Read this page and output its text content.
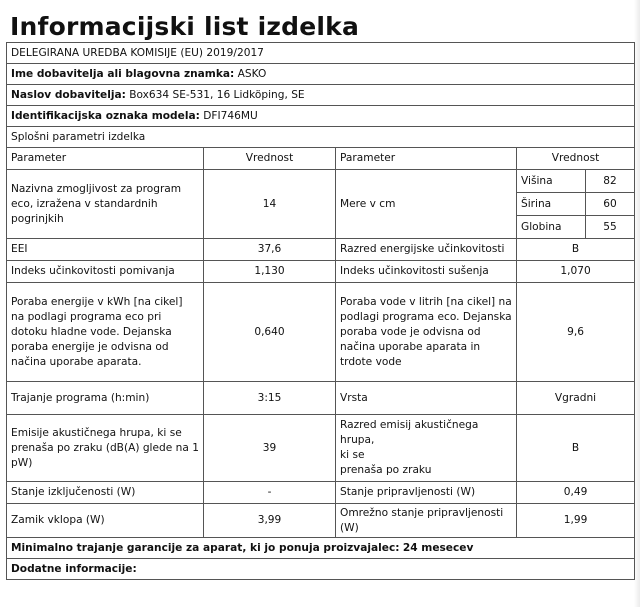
Informacijski list izdelka
DELEGIRANA UREDBA KOMISIJE (EU) 2019/2017				
Ime dobavitelja ali blagovna znamka: ASKO				
Naslov dobavitelja: Box634 SE-531, 16 Lidköping, SE				
Identifikacijska oznaka modela: DFI746MU				
Splošni parametri izdelka				
Parameter	Vrednost	Parameter	Vrednost	
Nazivna zmogljivost za program eco, izražena v standardnih pogrinjkih	14	Mere v cm	Višina	82
			Širina	60
			Globina	55
EEI	37,6	Razred energijske učinkovitosti	B	
Indeks učinkovitosti pomivanja	1,130	Indeks učinkovitosti sušenja	1,070	
Poraba energije v kWh [na cikel] na podlagi programa eco pri dotoku hladne vode. Dejanska poraba energije je odvisna od načina uporabe aparata.	0,640	Poraba vode v litrih [na cikel] na podlagi programa eco. Dejanska poraba vode je odvisna od načina uporabe aparata in trdote vode	9,6	
Trajanje programa (h:min)	3:15	Vrsta	Vgradni	
Emisije akustičnega hrupa, ki se prenaša po zraku (dB(A) glede na 1 pW)	39	Razred emisij akustičnega hrupa,
ki se
prenaša po zraku	B	
Stanje izključenosti (W)	-	Stanje pripravljenosti (W)	0,49	
Zamik vklopa (W)	3,99	Omrežno stanje pripravljenosti (W)	1,99	
Minimalno trajanje garancije za aparat, ki jo ponuja proizvajalec: 24 mesecev				
Dodatne informacije:				
